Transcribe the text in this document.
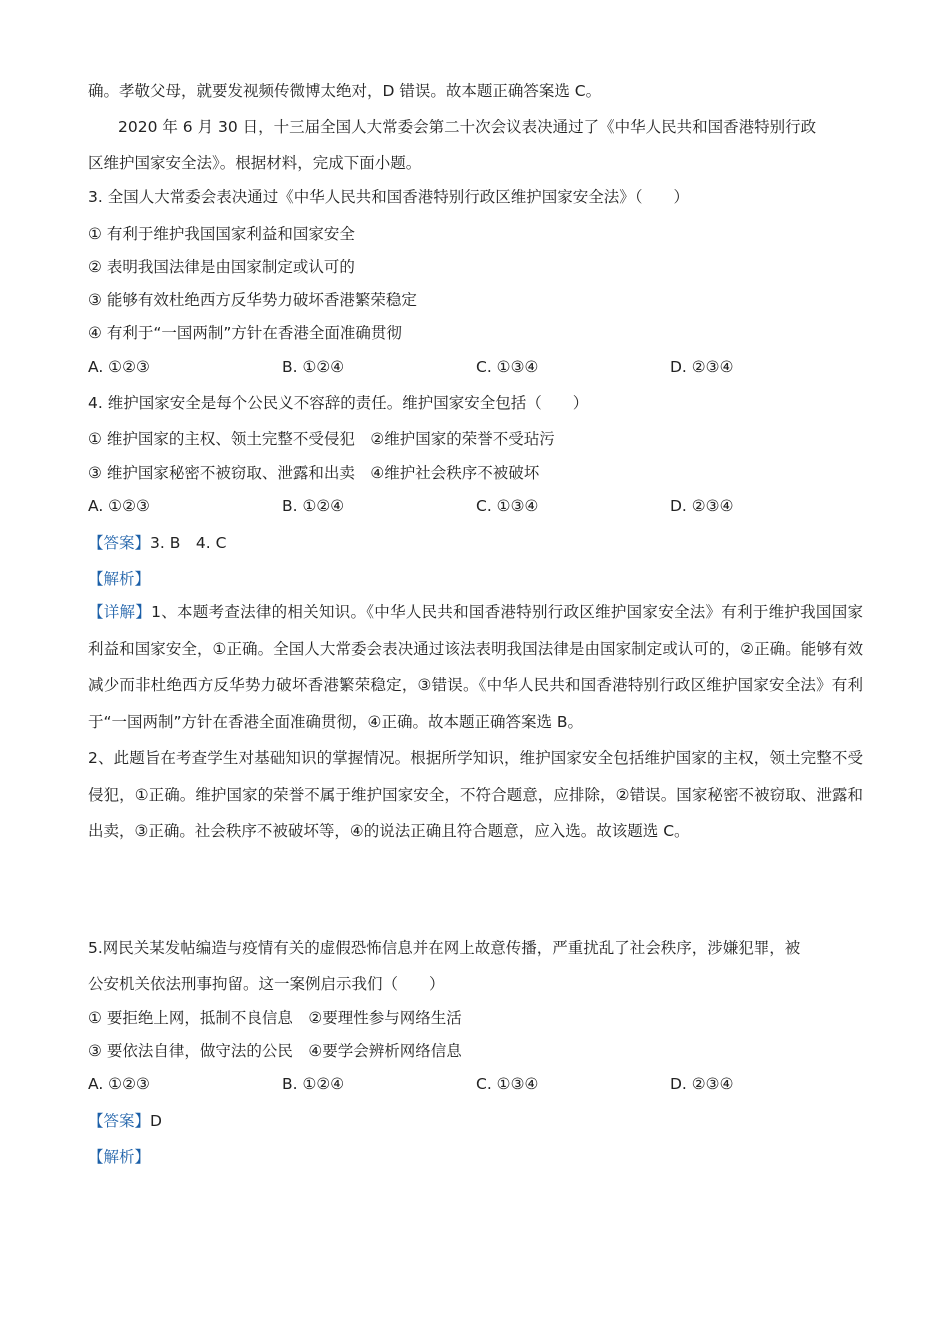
确。孝敬父母，就要发视频传微博太绝对，D 错误。故本题正确答案选 C。
2020 年 6 月 30 日，十三届全国人大常委会第二十次会议表决通过了《中华人民共和国香港特别行政
区维护国家安全法》。根据材料，完成下面小题。
3. 全国人大常委会表决通过《中华人民共和国香港特别行政区维护国家安全法》（　　）
① 有利于维护我国国家利益和国家安全
② 表明我国法律是由国家制定或认可的
③ 能够有效杜绝西方反华势力破坏香港繁荣稳定
④ 有利于“一国两制”方针在香港全面准确贯彻
A. ①②③	B. ①②④	C. ①③④	D. ②③④
4. 维护国家安全是每个公民义不容辞的责任。维护国家安全包括（　　）
① 维护国家的主权、领土完整不受侵犯　②维护国家的荣誉不受玷污
③ 维护国家秘密不被窃取、泄露和出卖　④维护社会秩序不被破坏
A. ①②③	B. ①②④	C. ①③④	D. ②③④
【答案】3. B　4. C
【解析】
【详解】1、本题考查法律的相关知识。《中华人民共和国香港特别行政区维护国家安全法》有利于维护我国国家利益和国家安全，①正确。全国人大常委会表决通过该法表明我国法律是由国家制定或认可的，②正确。能够有效减少而非杜绝西方反华势力破坏香港繁荣稳定，③错误。《中华人民共和国香港特别行政区维护国家安全法》有利于“一国两制”方针在香港全面准确贯彻，④正确。故本题正确答案选 B。
2、此题旨在考查学生对基础知识的掌握情况。根据所学知识，维护国家安全包括维护国家的主权，领土完整不受侵犯，①正确。维护国家的荣誉不属于维护国家安全，不符合题意，应排除，②错误。国家秘密不被窃取、泄露和出卖，③正确。社会秩序不被破坏等，④的说法正确且符合题意，应入选。故该题选 C。
5.网民关某发帖编造与疫情有关的虚假恐怖信息并在网上故意传播，严重扰乱了社会秩序，涉嫌犯罪，被
公安机关依法刑事拘留。这一案例启示我们（　　）
① 要拒绝上网，抵制不良信息　②要理性参与网络生活
③ 要依法自律，做守法的公民　④要学会辨析网络信息
A. ①②③	B. ①②④	C. ①③④	D. ②③④
【答案】D
【解析】
